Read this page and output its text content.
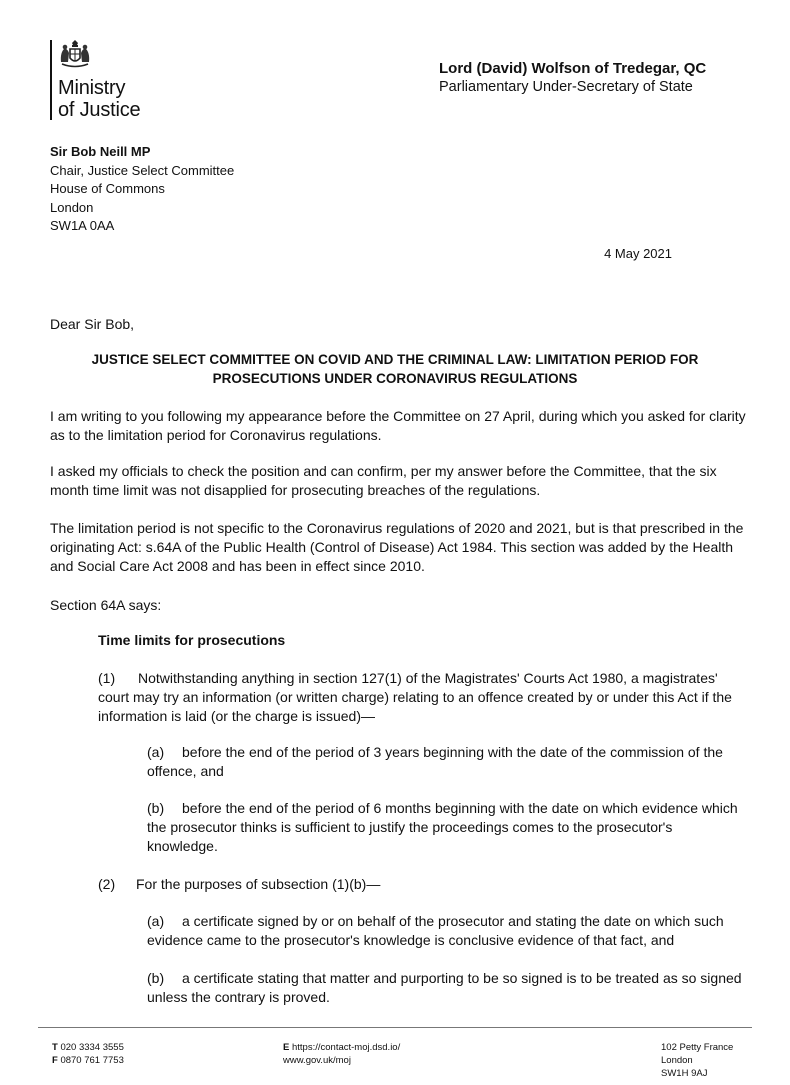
Ministry
of Justice
Lord (David) Wolfson of Tredegar, QC
Parliamentary Under-Secretary of State
Sir Bob Neill MP
Chair, Justice Select Committee
House of Commons
London
SW1A 0AA
4 May 2021
Dear Sir Bob,
JUSTICE SELECT COMMITTEE ON COVID AND THE CRIMINAL LAW: LIMITATION PERIOD FOR
PROSECUTIONS UNDER CORONAVIRUS REGULATIONS
I am writing to you following my appearance before the Committee on 27 April, during which you asked for clarity as to the limitation period for Coronavirus regulations.
I asked my officials to check the position and can confirm, per my answer before the Committee, that the six month time limit was not disapplied for prosecuting breaches of the regulations.
The limitation period is not specific to the Coronavirus regulations of 2020 and 2021, but is that prescribed in the originating Act: s.64A of the Public Health (Control of Disease) Act 1984. This section was added by the Health and Social Care Act 2008 and has been in effect since 2010.
Section 64A says:
Time limits for prosecutions
(1) Notwithstanding anything in section 127(1) of the Magistrates' Courts Act 1980, a magistrates' court may try an information (or written charge) relating to an offence created by or under this Act if the information is laid (or the charge is issued)—
(a) before the end of the period of 3 years beginning with the date of the commission of the offence, and
(b) before the end of the period of 6 months beginning with the date on which evidence which the prosecutor thinks is sufficient to justify the proceedings comes to the prosecutor's knowledge.
(2) For the purposes of subsection (1)(b)—
(a) a certificate signed by or on behalf of the prosecutor and stating the date on which such evidence came to the prosecutor's knowledge is conclusive evidence of that fact, and
(b) a certificate stating that matter and purporting to be so signed is to be treated as so signed unless the contrary is proved.
T 020 3334 3555
F 0870 761 7753
E https://contact-moj.dsd.io/
www.gov.uk/moj
102 Petty France
London
SW1H 9AJ
